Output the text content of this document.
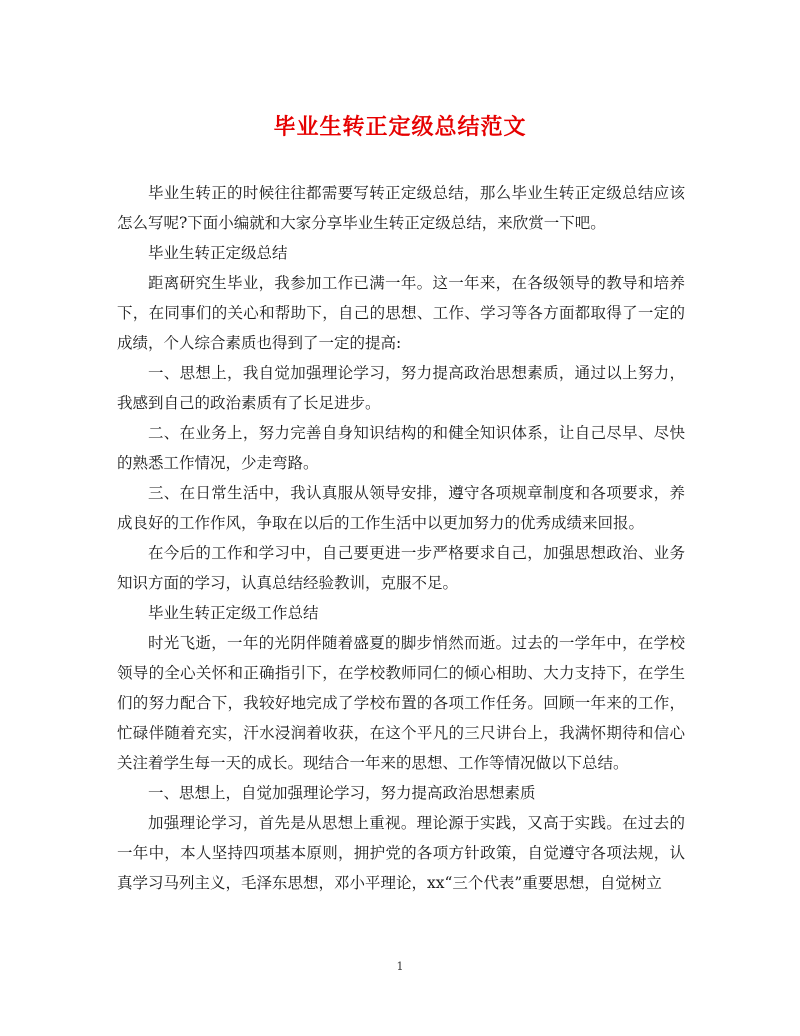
毕业生转正定级总结范文

毕业生转正的时候往往都需要写转正定级总结，那么毕业生转正定级总结应该怎么写呢?下面小编就和大家分享毕业生转正定级总结，来欣赏一下吧。

毕业生转正定级总结

距离研究生毕业，我参加工作已满一年。这一年来，在各级领导的教导和培养下，在同事们的关心和帮助下，自己的思想、工作、学习等各方面都取得了一定的成绩，个人综合素质也得到了一定的提高:

一、思想上，我自觉加强理论学习，努力提高政治思想素质，通过以上努力，我感到自己的政治素质有了长足进步。

二、在业务上，努力完善自身知识结构的和健全知识体系，让自己尽早、尽快的熟悉工作情况，少走弯路。

三、在日常生活中，我认真服从领导安排，遵守各项规章制度和各项要求，养成良好的工作作风，争取在以后的工作生活中以更加努力的优秀成绩来回报。

在今后的工作和学习中，自己要更进一步严格要求自己，加强思想政治、业务知识方面的学习，认真总结经验教训，克服不足。

毕业生转正定级工作总结

时光飞逝，一年的光阴伴随着盛夏的脚步悄然而逝。过去的一学年中，在学校领导的全心关怀和正确指引下，在学校教师同仁的倾心相助、大力支持下，在学生们的努力配合下，我较好地完成了学校布置的各项工作任务。回顾一年来的工作，忙碌伴随着充实，汗水浸润着收获，在这个平凡的三尺讲台上，我满怀期待和信心关注着学生每一天的成长。现结合一年来的思想、工作等情况做以下总结。

一、思想上，自觉加强理论学习，努力提高政治思想素质

加强理论学习，首先是从思想上重视。理论源于实践，又高于实践。在过去的一年中，本人坚持四项基本原则，拥护党的各项方针政策，自觉遵守各项法规，认真学习马列主义，毛泽东思想，邓小平理论，xx“三个代表”重要思想，自觉树立

1
